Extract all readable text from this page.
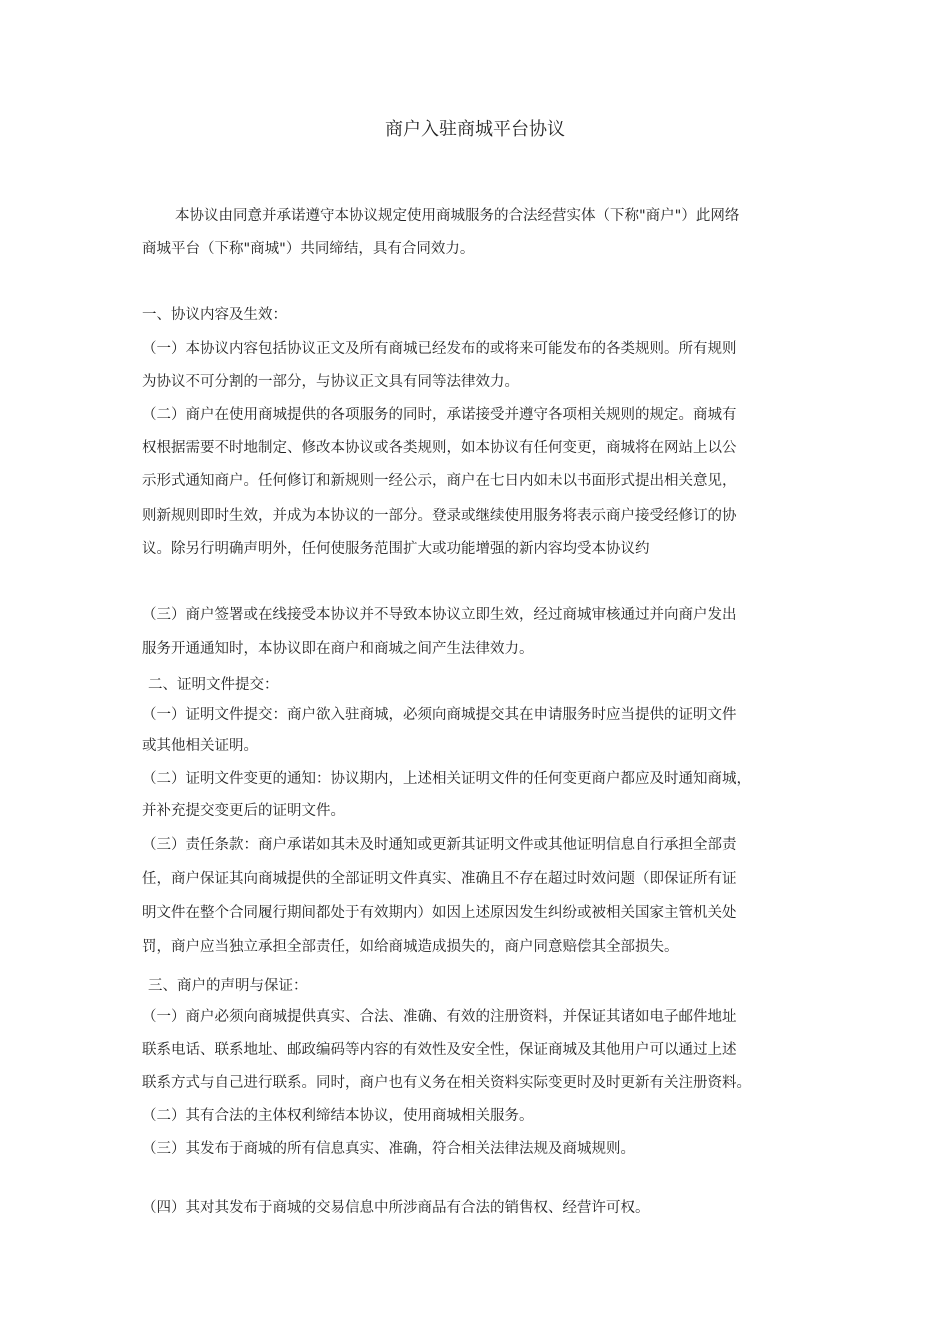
商户入驻商城平台协议
本协议由同意并承诺遵守本协议规定使用商城服务的合法经营实体（下称"商户"）此网络
商城平台（下称"商城"）共同缔结，具有合同效力。
一、协议内容及生效：
（一）本协议内容包括协议正文及所有商城已经发布的或将来可能发布的各类规则。所有规则
为协议不可分割的一部分，与协议正文具有同等法律效力。
（二）商户在使用商城提供的各项服务的同时，承诺接受并遵守各项相关规则的规定。商城有
权根据需要不时地制定、修改本协议或各类规则，如本协议有任何变更，商城将在网站上以公
示形式通知商户。任何修订和新规则一经公示，商户在七日内如未以书面形式提出相关意见，
则新规则即时生效，并成为本协议的一部分。登录或继续使用服务将表示商户接受经修订的协
议。除另行明确声明外，任何使服务范围扩大或功能增强的新内容均受本协议约
（三）商户签署或在线接受本协议并不导致本协议立即生效，经过商城审核通过并向商户发出
服务开通通知时，本协议即在商户和商城之间产生法律效力。
二、证明文件提交：
（一）证明文件提交：商户欲入驻商城，必须向商城提交其在申请服务时应当提供的证明文件
或其他相关证明。
（二）证明文件变更的通知：协议期内，上述相关证明文件的任何变更商户都应及时通知商城，
并补充提交变更后的证明文件。
（三）责任条款：商户承诺如其未及时通知或更新其证明文件或其他证明信息自行承担全部责
任，商户保证其向商城提供的全部证明文件真实、准确且不存在超过时效问题（即保证所有证
明文件在整个合同履行期间都处于有效期内）如因上述原因发生纠纷或被相关国家主管机关处
罚，商户应当独立承担全部责任，如给商城造成损失的，商户同意赔偿其全部损失。
三、商户的声明与保证：
（一）商户必须向商城提供真实、合法、准确、有效的注册资料，并保证其诸如电子邮件地址
联系电话、联系地址、邮政编码等内容的有效性及安全性，保证商城及其他用户可以通过上述
联系方式与自己进行联系。同时，商户也有义务在相关资料实际变更时及时更新有关注册资料。
（二）其有合法的主体权利缔结本协议，使用商城相关服务。
（三）其发布于商城的所有信息真实、准确，符合相关法律法规及商城规则。
（四）其对其发布于商城的交易信息中所涉商品有合法的销售权、经营许可权。
